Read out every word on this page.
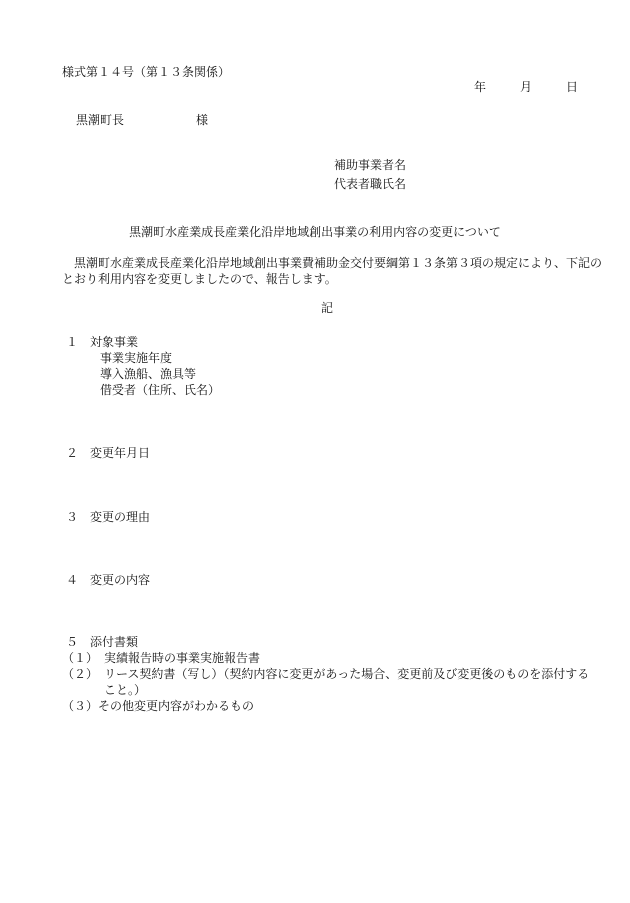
様式第１４号（第１３条関係）
年	月	日
黒潮町長	様
補助事業者名
代表者職氏名
黒潮町水産業成長産業化沿岸地域創出事業の利用内容の変更について
　黒潮町水産業成長産業化沿岸地域創出事業費補助金交付要綱第１３条第３項の規定により、下記のとおり利用内容を変更しましたので、報告します。
記
１　対象事業
事業実施年度
導入漁船、漁具等
借受者（住所、氏名）
２　変更年月日
３　変更の理由
４　変更の内容
５　添付書類
（１） 実績報告時の事業実施報告書
（２） リース契約書（写し）（契約内容に変更があった場合、変更前及び変更後のものを添付すること。）
（３） その他変更内容がわかるもの
